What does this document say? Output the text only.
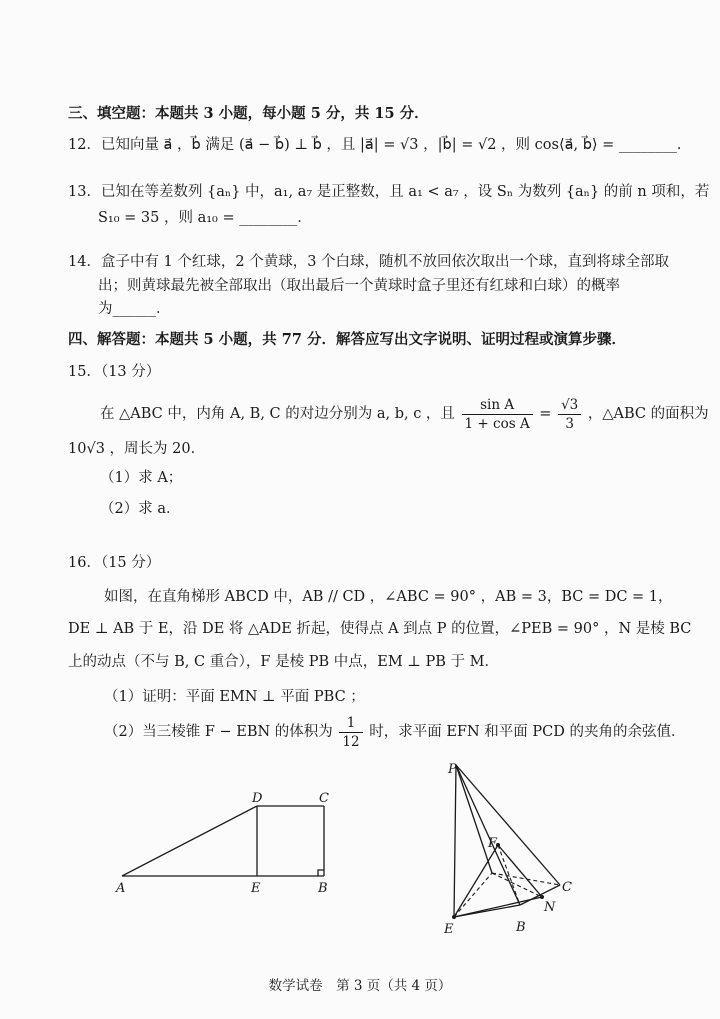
三、填空题：本题共 3 小题，每小题 5 分，共 15 分．
12．已知向量 a⃗ ，b⃗ 满足 (a⃗ − b⃗) ⊥ b⃗ ，且 |a⃗| = √3 ，|b⃗| = √2 ，则 cos⟨a⃗, b⃗⟩ = ________．
13．已知在等差数列 {aₙ} 中，a₁, a₇ 是正整数，且 a₁ < a₇ ，设 Sₙ 为数列 {aₙ} 的前 n 项和，若
S₁₀ = 35 ，则 a₁₀ = ________．
14．盒子中有 1 个红球，2 个黄球，3 个白球，随机不放回依次取出一个球，直到将球全部取
出；则黄球最先被全部取出（取出最后一个黄球时盒子里还有红球和白球）的概率
为______．
四、解答题：本题共 5 小题，共 77 分．解答应写出文字说明、证明过程或演算步骤．
15．（13 分）
在 △ABC 中，内角 A, B, C 的对边分别为 a, b, c ，且 $\frac{\text{sin A}}{\text{1 + cos A}} = \frac{√3}{3}$ ，△ABC 的面积为
10√3 ，周长为 20．
（1）求 A；
（2）求 a．
16．（15 分）
如图，在直角梯形 ABCD 中，AB // CD ，∠ABC = 90° ，AB = 3，BC = DC = 1，
DE ⊥ AB 于 E，沿 DE 将 △ADE 折起，使得点 A 到点 P 的位置，∠PEB = 90° ，N 是棱 BC
上的动点（不与 B, C 重合），F 是棱 PB 中点，EM ⊥ PB 于 M．
（1）证明：平面 EMN ⊥ 平面 PBC ；
（2）当三棱锥 F − EBN 的体积为 $\frac{1}{12}$ 时，求平面 EFN 和平面 PCD 的夹角的余弦值．
A	E	B
D	C
P
F
E	B
N
C
数学试卷　第 3 页（共 4 页）
